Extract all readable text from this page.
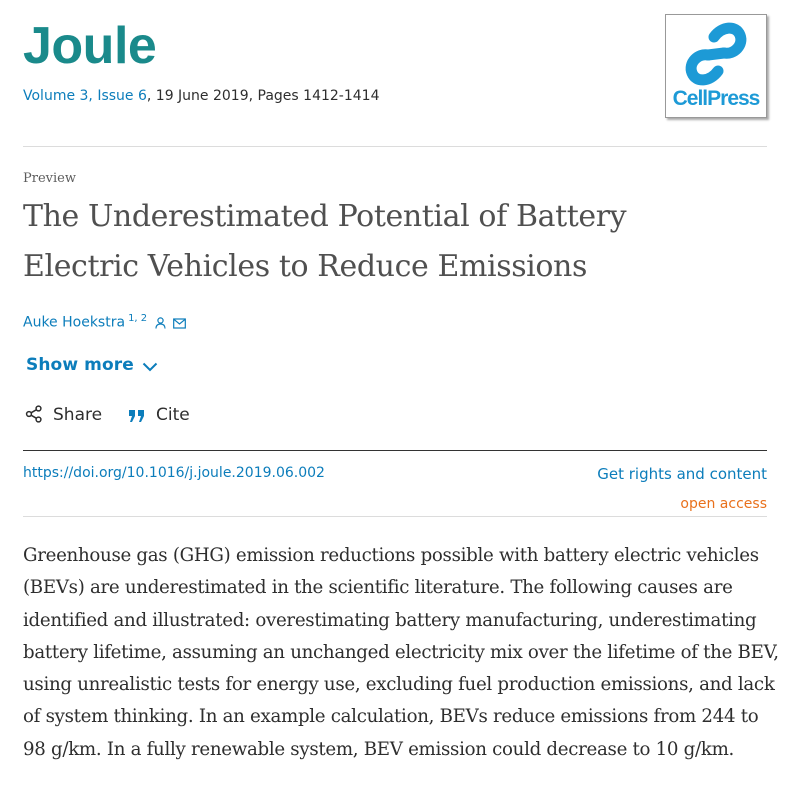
Joule
Volume 3, Issue 6, 19 June 2019, Pages 1412-1414	CellPress
Preview
The Underestimated Potential of Battery Electric Vehicles to Reduce Emissions
Auke Hoekstra $^{1, 2}$
Show more
Share	Cite
https://doi.org/10.1016/j.joule.2019.06.002	Get rights and content
open access

Greenhouse gas (GHG) emission reductions possible with battery electric vehicles (BEVs) are underestimated in the scientific literature. The following causes are identified and illustrated: overestimating battery manufacturing, underestimating battery lifetime, assuming an unchanged electricity mix over the lifetime of the BEV, using unrealistic tests for energy use, excluding fuel production emissions, and lack of system thinking. In an example calculation, BEVs reduce emissions from 244 to 98 g/km. In a fully renewable system, BEV emission could decrease to 10 g/km.
